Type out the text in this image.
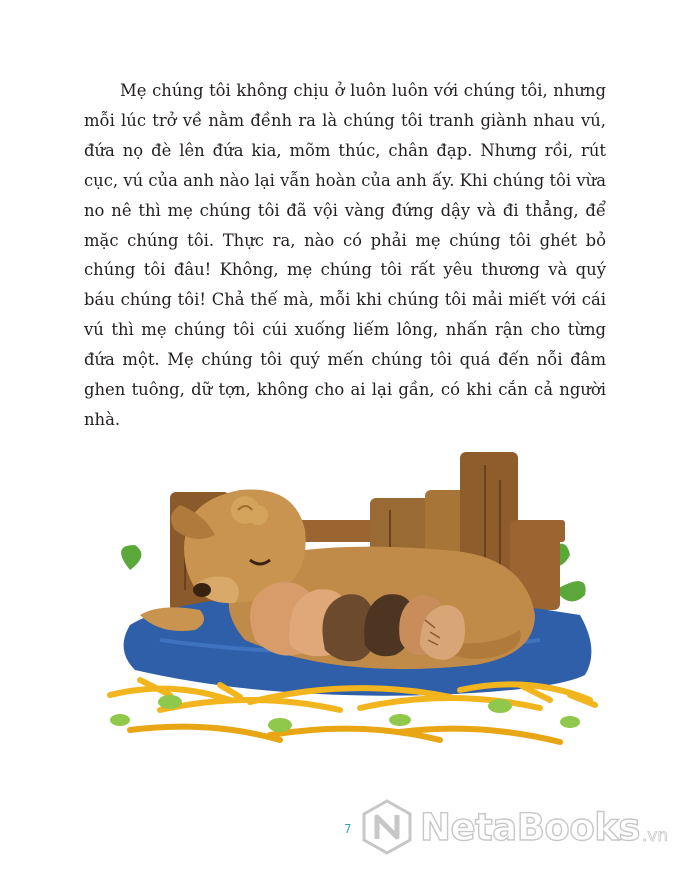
Mẹ chúng tôi không chịu ở luôn luôn với chúng tôi, nhưng mỗi lúc trở về nằm đềnh ra là chúng tôi tranh giành nhau vú, đứa nọ đè lên đứa kia, mõm thúc, chân đạp. Nhưng rồi, rút cục, vú của anh nào lại vẫn hoàn của anh ấy. Khi chúng tôi vừa no nê thì mẹ chúng tôi đã vội vàng đứng dậy và đi thẳng, để mặc chúng tôi. Thực ra, nào có phải mẹ chúng tôi ghét bỏ chúng tôi đâu! Không, mẹ chúng tôi rất yêu thương và quý báu chúng tôi! Chả thế mà, mỗi khi chúng tôi mải miết với cái vú thì mẹ chúng tôi cúi xuống liếm lông, nhấn rận cho từng đứa một. Mẹ chúng tôi quý mến chúng tôi quá đến nỗi đâm ghen tuông, dữ tợn, không cho ai lại gần, có khi cắn cả người nhà.

7 NetaBooks .vn
